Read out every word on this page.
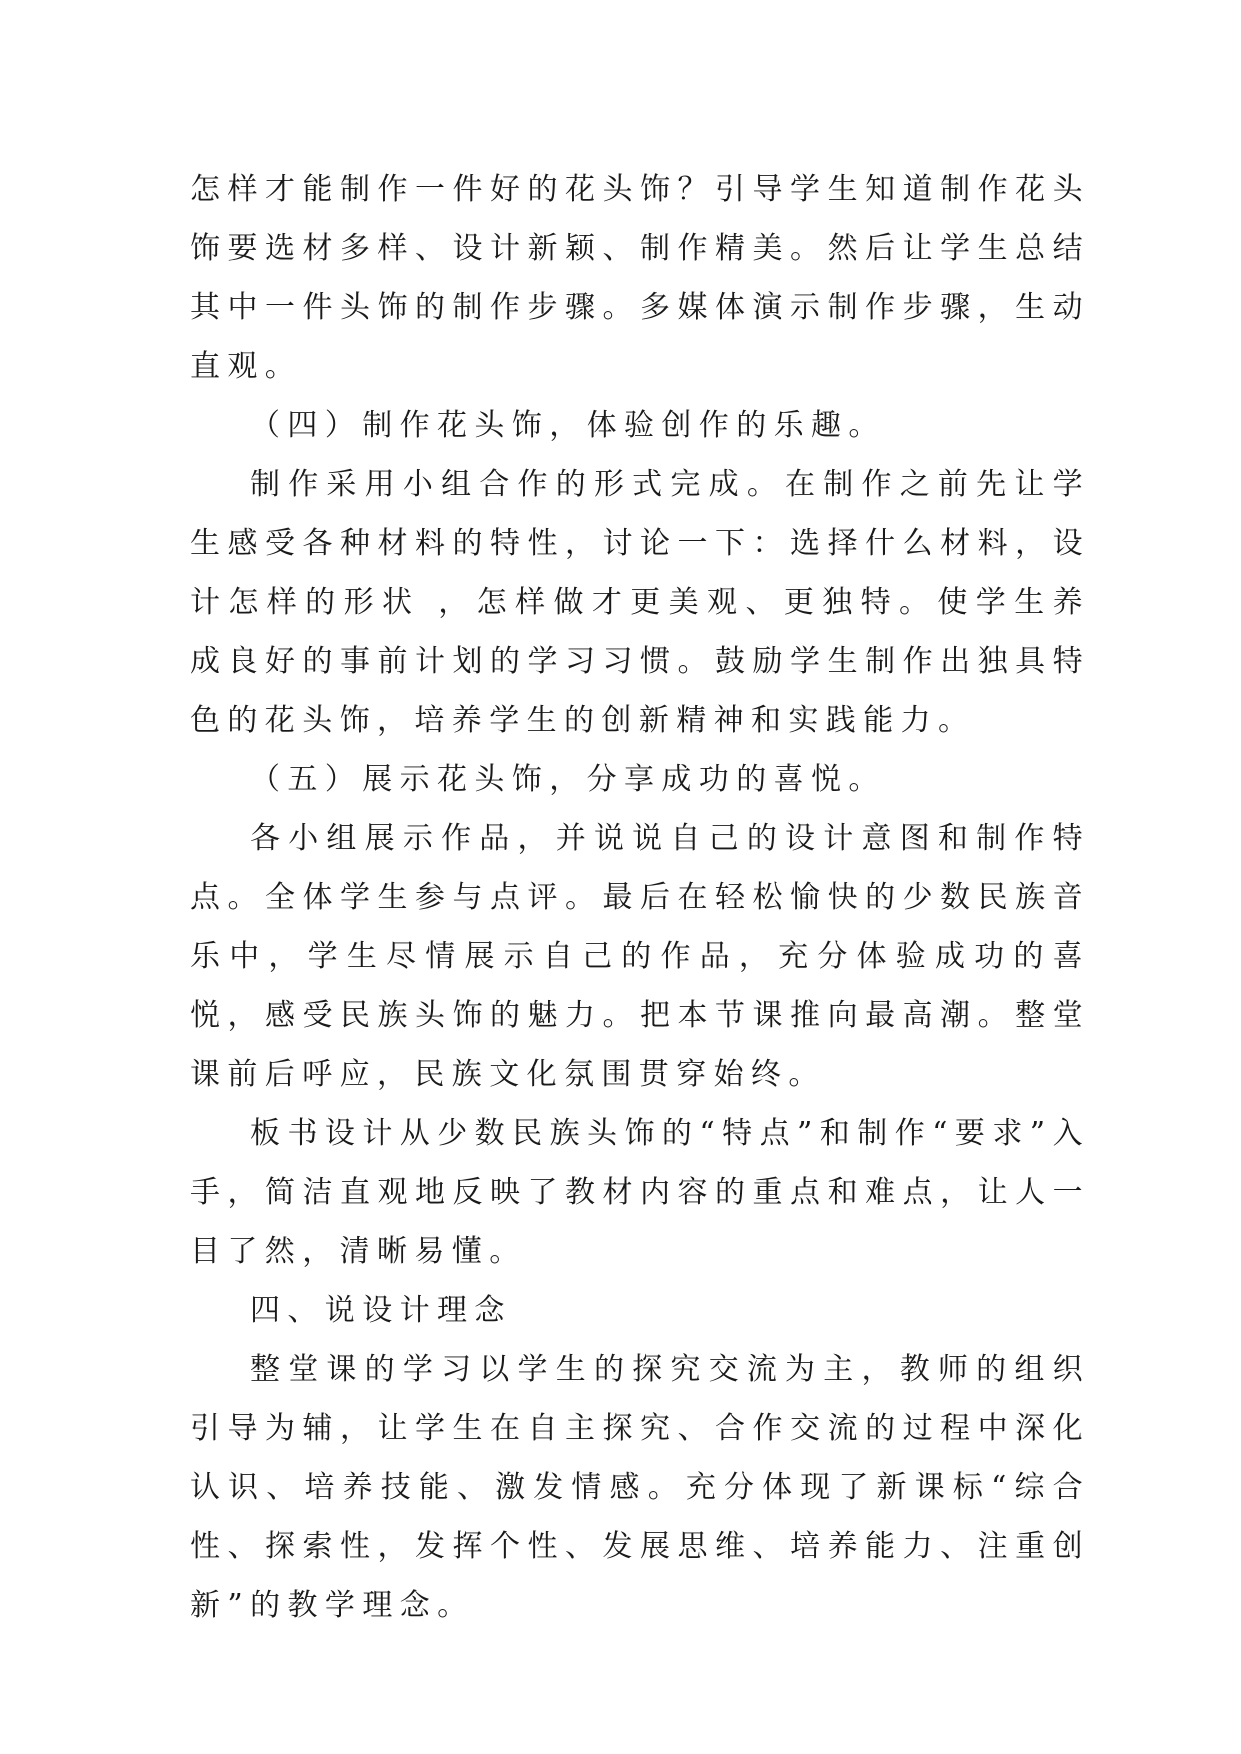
怎样才能制作一件好的花头饰？引导学生知道制作花头饰要选材多样、设计新颖、制作精美。然后让学生总结其中一件头饰的制作步骤。多媒体演示制作步骤，生动直观。

（四）制作花头饰，体验创作的乐趣。

制作采用小组合作的形式完成。在制作之前先让学生感受各种材料的特性，讨论一下：选择什么材料，设计怎样的形状 ，怎样做才更美观、更独特。使学生养成良好的事前计划的学习习惯。鼓励学生制作出独具特色的花头饰，培养学生的创新精神和实践能力。

（五）展示花头饰，分享成功的喜悦。

各小组展示作品，并说说自己的设计意图和制作特点。全体学生参与点评。最后在轻松愉快的少数民族音乐中，学生尽情展示自己的作品，充分体验成功的喜悦，感受民族头饰的魅力。把本节课推向最高潮。整堂课前后呼应，民族文化氛围贯穿始终。

板书设计从少数民族头饰的“特点”和制作“要求”入手，简洁直观地反映了教材内容的重点和难点，让人一目了然，清晰易懂。

四、说设计理念

整堂课的学习以学生的探究交流为主，教师的组织引导为辅，让学生在自主探究、合作交流的过程中深化认识、培养技能、激发情感。充分体现了新课标“综合性、探索性，发挥个性、发展思维、培养能力、注重创新”的教学理念。
